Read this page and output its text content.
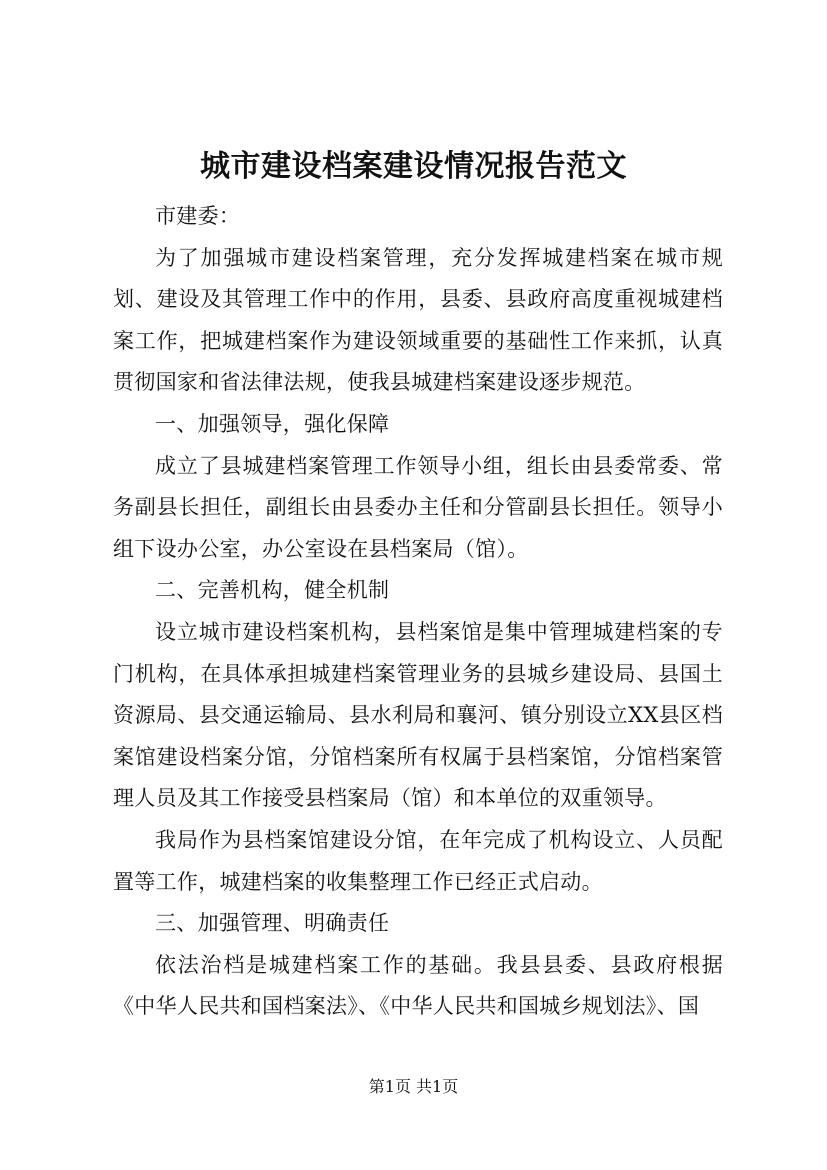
城市建设档案建设情况报告范文

市建委：

为了加强城市建设档案管理，充分发挥城建档案在城市规划、建设及其管理工作中的作用，县委、县政府高度重视城建档案工作，把城建档案作为建设领域重要的基础性工作来抓，认真贯彻国家和省法律法规，使我县城建档案建设逐步规范。

一、加强领导，强化保障

成立了县城建档案管理工作领导小组，组长由县委常委、常务副县长担任，副组长由县委办主任和分管副县长担任。领导小组下设办公室，办公室设在县档案局（馆）。

二、完善机构，健全机制

设立城市建设档案机构，县档案馆是集中管理城建档案的专门机构，在具体承担城建档案管理业务的县城乡建设局、县国土资源局、县交通运输局、县水利局和襄河、镇分别设立XX县区档案馆建设档案分馆，分馆档案所有权属于县档案馆，分馆档案管理人员及其工作接受县档案局（馆）和本单位的双重领导。

我局作为县档案馆建设分馆，在年完成了机构设立、人员配置等工作，城建档案的收集整理工作已经正式启动。

三、加强管理、明确责任

依法治档是城建档案工作的基础。我县县委、县政府根据《中华人民共和国档案法》、《中华人民共和国城乡规划法》、国

第1页 共1页
